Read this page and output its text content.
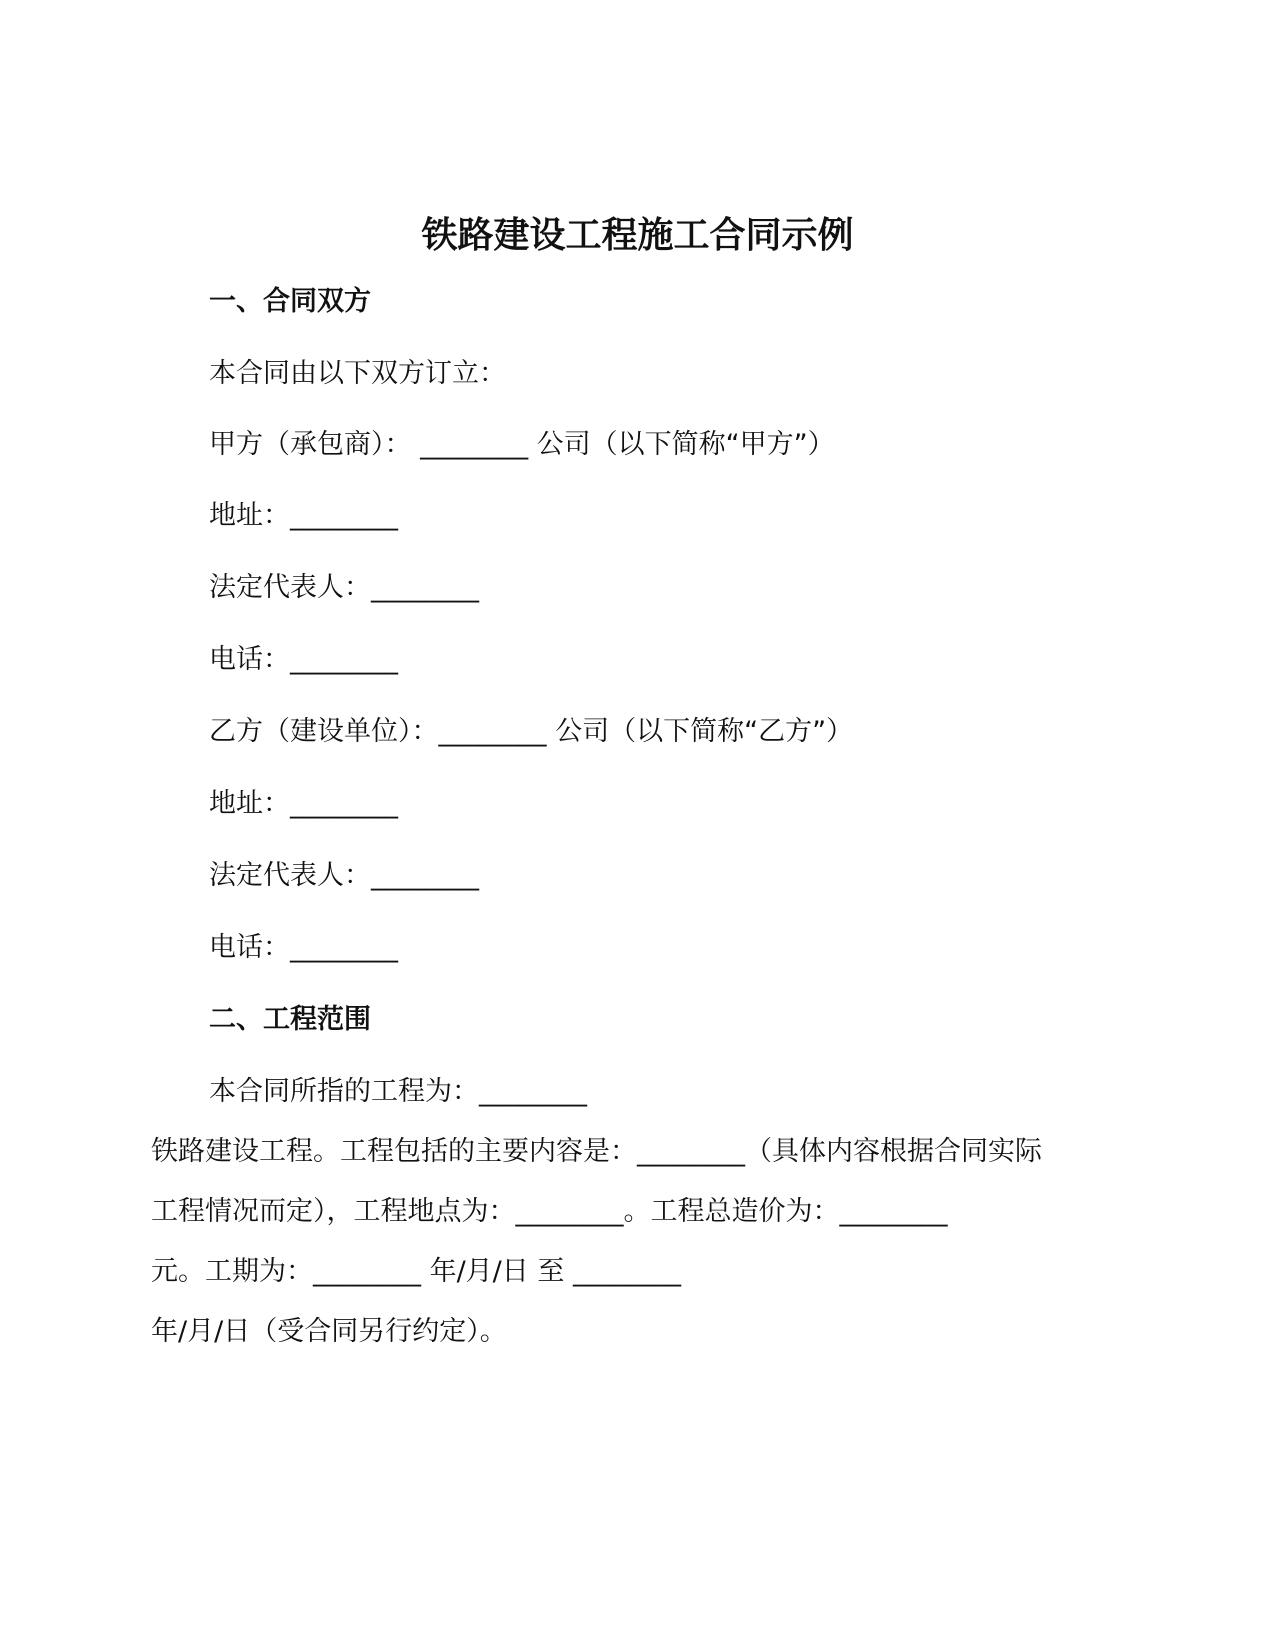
铁路建设工程施工合同示例
一、合同双方
本合同由以下双方订立：
甲方（承包商）： ________ 公司（以下简称“甲方”）
地址：________
法定代表人：________
电话：________
乙方（建设单位）：________ 公司（以下简称“乙方”）
地址：________
法定代表人：________
电话：________
二、工程范围
本合同所指的工程为：________
铁路建设工程。工程包括的主要内容是：________（具体内容根据合同实际
工程情况而定），工程地点为：________。工程总造价为：________
元。工期为：________ 年/月/日 至 ________
年/月/日（受合同另行约定）。
